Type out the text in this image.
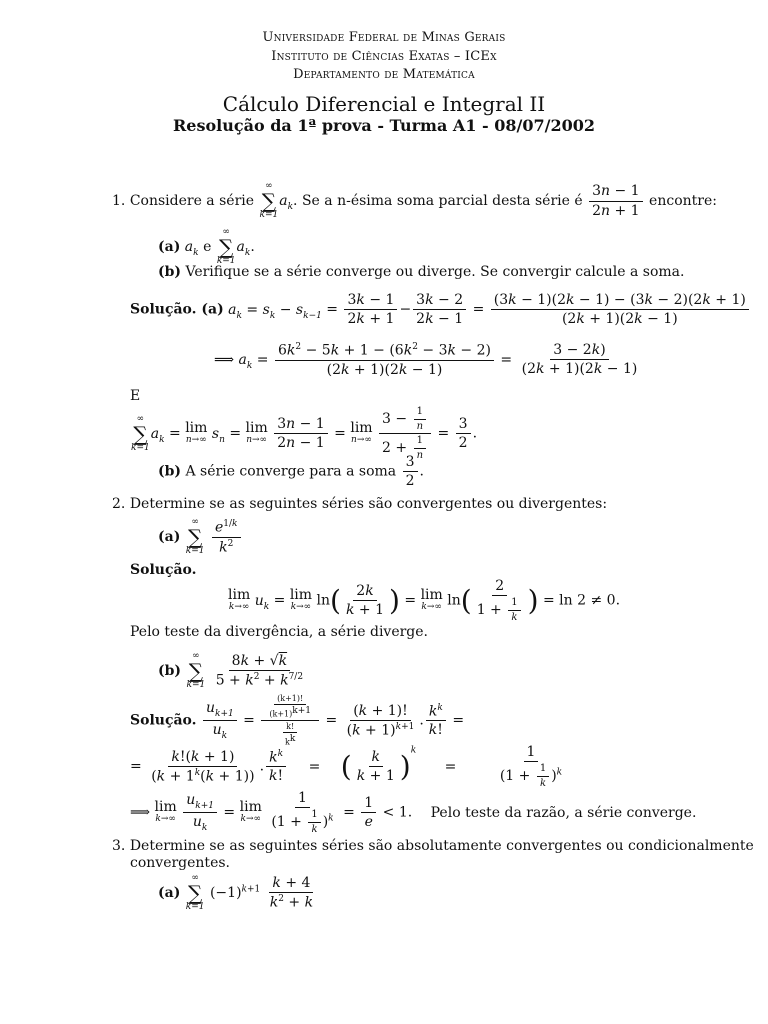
Universidade Federal de Minas Gerais
Instituto de Ciências Exatas – ICEx
Departamento de Matemática
Cálculo Diferencial e Integral II
Resolução da 1ª prova - Turma A1 - 08/07/2002
1. Considere a série
∞
∑
k=1
$a_k$. Se a n-ésima soma parcial desta série é $\frac{3n - 1}{2n + 1}$ encontre:
(a) $a_k$ e
∞
∑
k=1
$a_k$.
(b) Verifique se a série converge ou diverge. Se convergir calcule a soma.
Solução. (a) $a_k = s_k - s_{k-1} = \frac{3k - 1}{2k + 1} - \frac{3k - 2}{2k - 1} = \frac{(3k - 1)(2k - 1) - (3k - 2)(2k + 1)}{(2k + 1)(2k - 1)}$
⟹ $a_k = \frac{6k^2 - 5k + 1 - (6k^2 - 3k - 2)}{(2k + 1)(2k - 1)} = \frac{3 - 2k)}{(2k + 1)(2k - 1)}$
E
∞
∑
k=1
$a_k = \lim$
n→∞ $s_n = \lim$
n→∞
$\frac{3n - 1}{2n - 1} = \lim$
n→∞
$\frac{3 - \frac{1}{n}}{2 + \frac{1}{n}} = \frac{3}{2}$ .
(b) A série converge para a soma $\frac{3}{2}$ .
2. Determine se as seguintes séries são convergentes ou divergentes:
(a)
∞
∑
k=1
$\frac{e^{1/k}}{k^2}$
Solução.
lim
k→∞ $u_k = \lim$
k→∞ $\ln( \frac{2k}{k + 1}$ ) = lim
k→∞ $\ln( \frac{2}{1 + \frac{1}{k}}$ ) = ln 2 ≠ 0.
Pelo teste da divergência, a série diverge.
(b)
∞
∑
k=1
$\frac{8k + √k}{5 + k^2 + k^{7/2}}$
Solução. $\frac{u_{k+1}}{u_k} = \frac{\frac{(k+1)!}{(k+1)^{k+1}}}{\frac{k!}{k^k}} = \frac{(k + 1)!}{(k + 1)^{k+1}}$ . $\frac{k^k}{k!}$ =
= $\frac{k!(k + 1)}{(k + 1^k(k + 1))}$ . $\frac{k^k}{k!}$ = ( $\frac{k}{k + 1} )^k$ =	$\frac{1}{(1 + \frac{1}{k} )^k}$
⟹ lim
k→∞
$\frac{u_{k+1}}{u_k} = \lim$
k→∞
$\frac{1}{(1 + \frac{1}{k} )^k} = \frac{1}{e} < 1$. Pelo teste da razão, a série converge.
3. Determine se as seguintes séries são absolutamente convergentes ou condicionalmente
convergentes.
(a)
∞
∑
k=1
$(-1)^{k+1} \frac{k + 4}{k^2 + k}$
